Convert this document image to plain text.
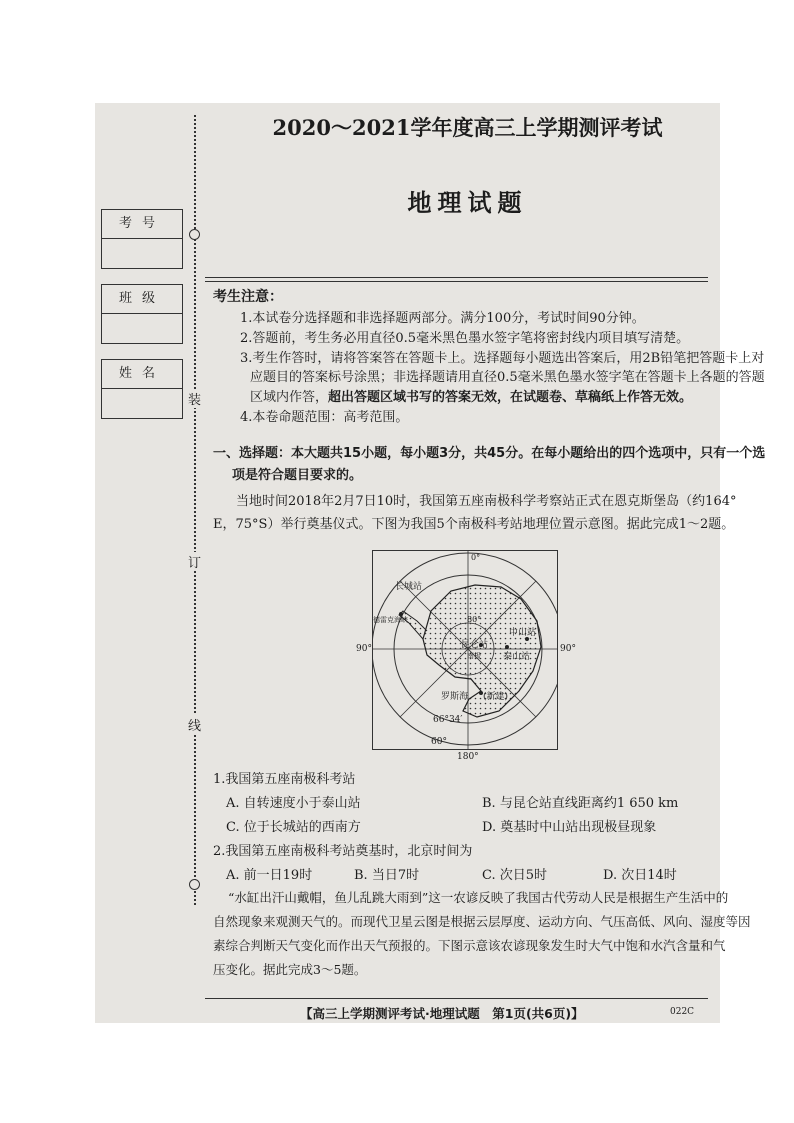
装
订
线
考号
班级
姓名
2020～2021学年度高三上学期测评考试
地理试题
考生注意：
1.本试卷分选择题和非选择题两部分。满分100分，考试时间90分钟。
2.答题前，考生务必用直径0.5毫米黑色墨水签字笔将密封线内项目填写清楚。
3.考生作答时，请将答案答在答题卡上。选择题每小题选出答案后，用2B铅笔把答题卡上对
应题目的答案标号涂黑；非选择题请用直径0.5毫米黑色墨水签字笔在答题卡上各题的答题
区域内作答，超出答题区域书写的答案无效，在试题卷、草稿纸上作答无效。
4.本卷命题范围：高考范围。
一、选择题：本大题共15小题，每小题3分，共45分。在每小题给出的四个选项中，只有一个选
项是符合题目要求的。
当地时间2018年2月7日10时，我国第五座南极科学考察站正式在恩克斯堡岛（约164°
E，75°S）举行奠基仪式。下图为我国5个南极科考站地理位置示意图。据此完成1～2题。
长城站
德雷克海峡
中山站
昆仑站
泰山站
南极
罗斯海 (新建)
80°
0°
66°34′
60°
90°	90°
180°
1.我国第五座南极科考站
A. 自转速度小于泰山站	B. 与昆仑站直线距离约1 650 km
C. 位于长城站的西南方	D. 奠基时中山站出现极昼现象
2.我国第五座南极科考站奠基时，北京时间为
A. 前一日19时	B. 当日7时	C. 次日5时	D. 次日14时
“水缸出汗山戴帽，鱼儿乱跳大雨到”这一农谚反映了我国古代劳动人民是根据生产生活中的
自然现象来观测天气的。而现代卫星云图是根据云层厚度、运动方向、气压高低、风向、湿度等因
素综合判断天气变化而作出天气预报的。下图示意该农谚现象发生时大气中饱和水汽含量和气
压变化。据此完成3～5题。
【高三上学期测评考试·地理试题　第1页(共6页)】	022C
